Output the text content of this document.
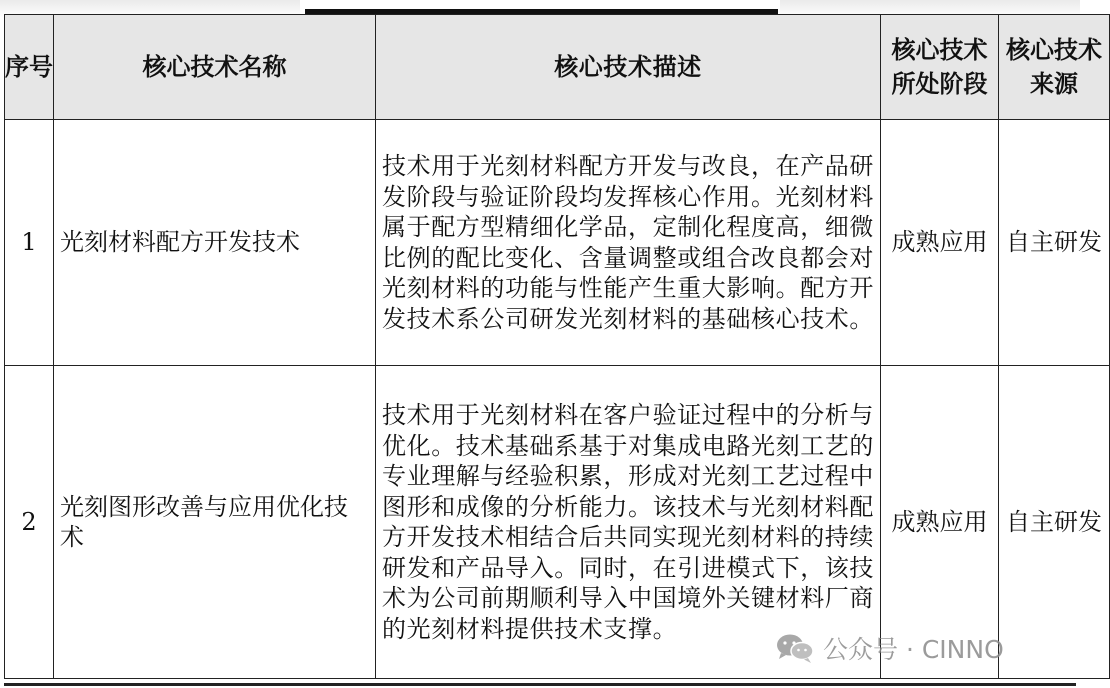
序号	核心技术名称	核心技术描述	核心技术所处阶段	核心技术来源
1	光刻材料配方开发技术	技术用于光刻材料配方开发与改良，在产品研发阶段与验证阶段均发挥核心作用。光刻材料属于配方型精细化学品，定制化程度高，细微比例的配比变化、含量调整或组合改良都会对光刻材料的功能与性能产生重大影响。配方开发技术系公司研发光刻材料的基础核心技术。	成熟应用	自主研发
2	光刻图形改善与应用优化技术	技术用于光刻材料在客户验证过程中的分析与优化。技术基础系基于对集成电路光刻工艺的专业理解与经验积累，形成对光刻工艺过程中图形和成像的分析能力。该技术与光刻材料配方开发技术相结合后共同实现光刻材料的持续研发和产品导入。同时，在引进模式下，该技术为公司前期顺利导入中国境外关键材料厂商的光刻材料提供技术支撑。	成熟应用	自主研发
公众号 · CINNO
